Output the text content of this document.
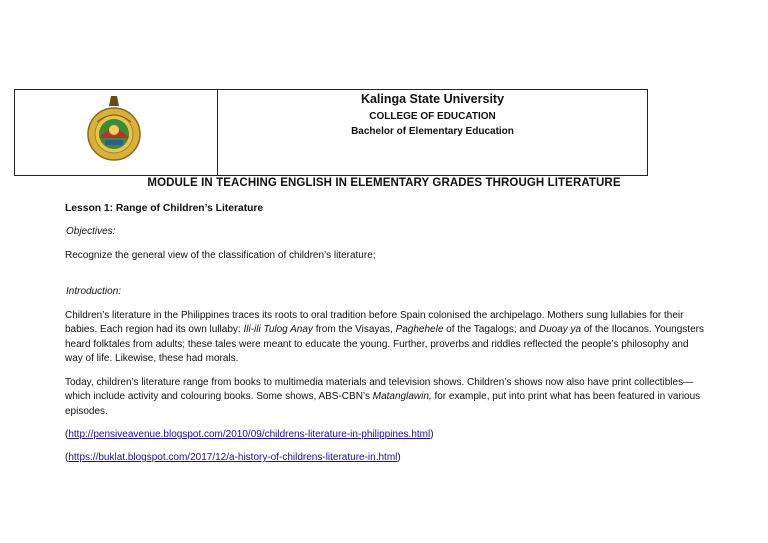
Kalinga State University
COLLEGE OF EDUCATION
Bachelor of Elementary Education
MODULE IN TEACHING ENGLISH IN ELEMENTARY GRADES THROUGH LITERATURE
Lesson 1: Range of Children’s Literature
Objectives:
Recognize the general view of the classification of children’s literature;
Introduction:

Children’s literature in the Philippines traces its roots to oral tradition before Spain colonised the archipelago. Mothers sung lullabies for their babies. Each region had its own lullaby: Ili-ili Tulog Anay from the Visayas, Paghehele of the Tagalogs; and Duoay ya of the Ilocanos. Youngsters heard folktales from adults; these tales were meant to educate the young. Further, proverbs and riddles reflected the people’s philosophy and way of life. Likewise, these had morals.

Today, children’s literature range from books to multimedia materials and television shows. Children’s shows now also have print collectibles—which include activity and colouring books. Some shows, ABS-CBN’s Matanglawin, for example, put into print what has been featured in various episodes.

(http://pensiveavenue.blogspot.com/2010/09/childrens-literature-in-philippines.html)
(https://buklat.blogspot.com/2017/12/a-history-of-childrens-literature-in.html)
